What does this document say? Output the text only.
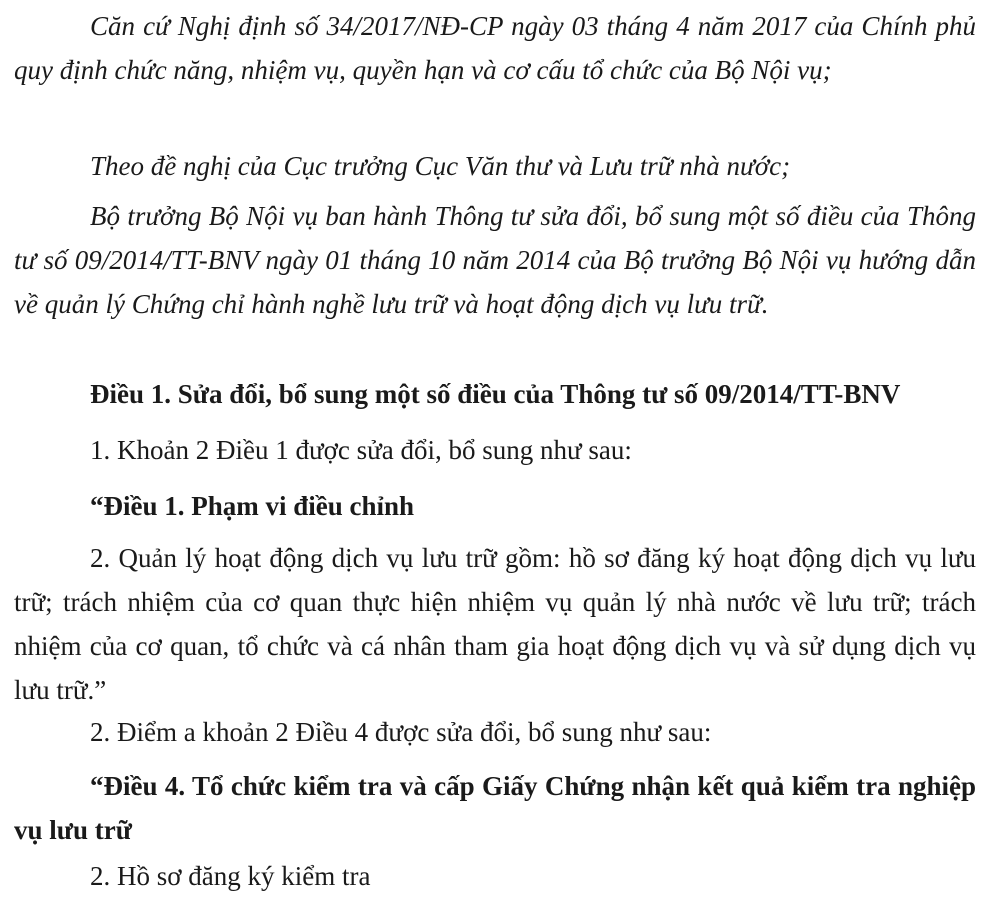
Căn cứ Nghị định số 34/2017/NĐ-CP ngày 03 tháng 4 năm 2017 của Chính phủ quy định chức năng, nhiệm vụ, quyền hạn và cơ cấu tổ chức của Bộ Nội vụ;

Theo đề nghị của Cục trưởng Cục Văn thư và Lưu trữ nhà nước;

Bộ trưởng Bộ Nội vụ ban hành Thông tư sửa đổi, bổ sung một số điều của Thông tư số 09/2014/TT-BNV ngày 01 tháng 10 năm 2014 của Bộ trưởng Bộ Nội vụ hướng dẫn về quản lý Chứng chỉ hành nghề lưu trữ và hoạt động dịch vụ lưu trữ.

Điều 1. Sửa đổi, bổ sung một số điều của Thông tư số 09/2014/TT-BNV

1. Khoản 2 Điều 1 được sửa đổi, bổ sung như sau:

“Điều 1. Phạm vi điều chỉnh

2. Quản lý hoạt động dịch vụ lưu trữ gồm: hồ sơ đăng ký hoạt động dịch vụ lưu trữ; trách nhiệm của cơ quan thực hiện nhiệm vụ quản lý nhà nước về lưu trữ; trách nhiệm của cơ quan, tổ chức và cá nhân tham gia hoạt động dịch vụ và sử dụng dịch vụ lưu trữ.”

2. Điểm a khoản 2 Điều 4 được sửa đổi, bổ sung như sau:

“Điều 4. Tổ chức kiểm tra và cấp Giấy Chứng nhận kết quả kiểm tra nghiệp vụ lưu trữ

2. Hồ sơ đăng ký kiểm tra
